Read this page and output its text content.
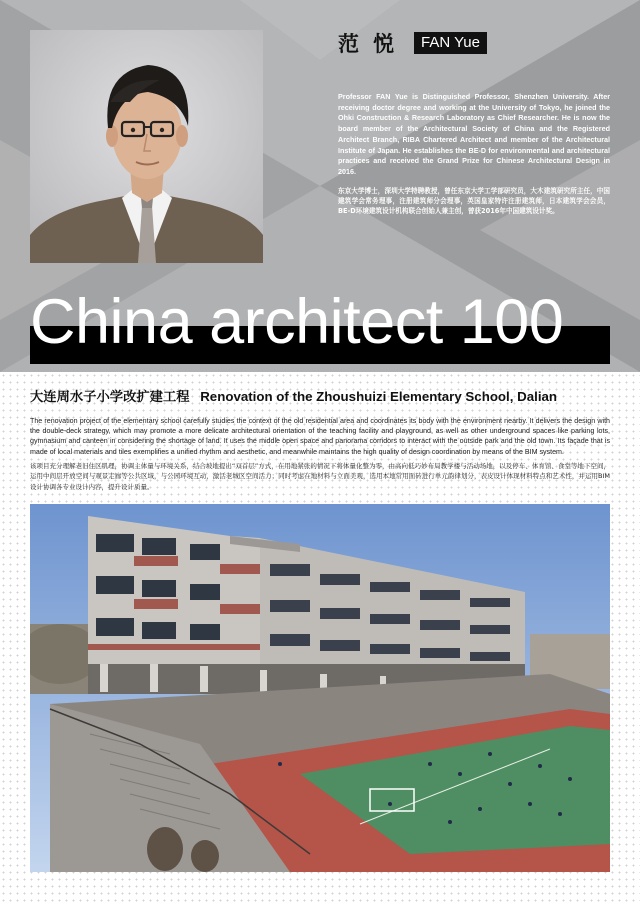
范悦 FAN Yue

Professor FAN Yue is Distinguished Professor, Shenzhen University. After receiving doctor degree and working at the University of Tokyo, he joined the Ohki Construction & Research Laboratory as Chief Researcher. He is now the board member of the Architectural Society of China and the Registered Architect Branch, RIBA Chartered Architect and member of the Architectural Institute of Japan. He establishes the BE-D for environmental and architectural practices and received the Grand Prize for Chinese Architectural Design in 2016.

东京大学博士，深圳大学特聘教授，曾任东京大学工学部研究员，大木建筑研究所主任，中国建筑学会常务理事，注册建筑师分会理事，英国皇家特许注册建筑师，日本建筑学会会员，BE-D环境建筑设计机构联合创始人兼主创，曾获2016年中国建筑设计奖。

China architect 100
大连周水子小学改扩建工程 Renovation of the Zhoushuizi Elementary School, Dalian

The renovation project of the elementary school carefully studies the context of the old residential area and coordinates its body with the environment nearby. It delivers the design with the double-deck strategy, which may promote a more delicate architectural orientation of the teaching facility and playground, as well as other underground spaces like parking lots, gymnasium and canteen in considering the shortage of land. It uses the middle open space and panorama corridors to interact with the outside park and the old town. Its façade that is made of local materials and tiles exemplifies a unified rhythm and aesthetic, and meanwhile maintains the high quality of design coordination by means of the BIM system.

该项目充分理解老旧住区肌理，协调主体量与环境关系，结合坡地提出“双首层”方式，在用地紧张的情况下将体量化整为零，由高向低巧妙布局教学楼与活动场地，以及停车、体育馆、食堂等地下空间，运用中间层开放空间与观景走廊等公共区域，与公园环境互动，激活老城区空间活力；同时考虑在地材料与立面美观，选用本地常用面砖进行单元韵律划分，表皮设计体现材料特点和艺术性，并运用BIM设计协调各专业设计内容，提升设计质量。
